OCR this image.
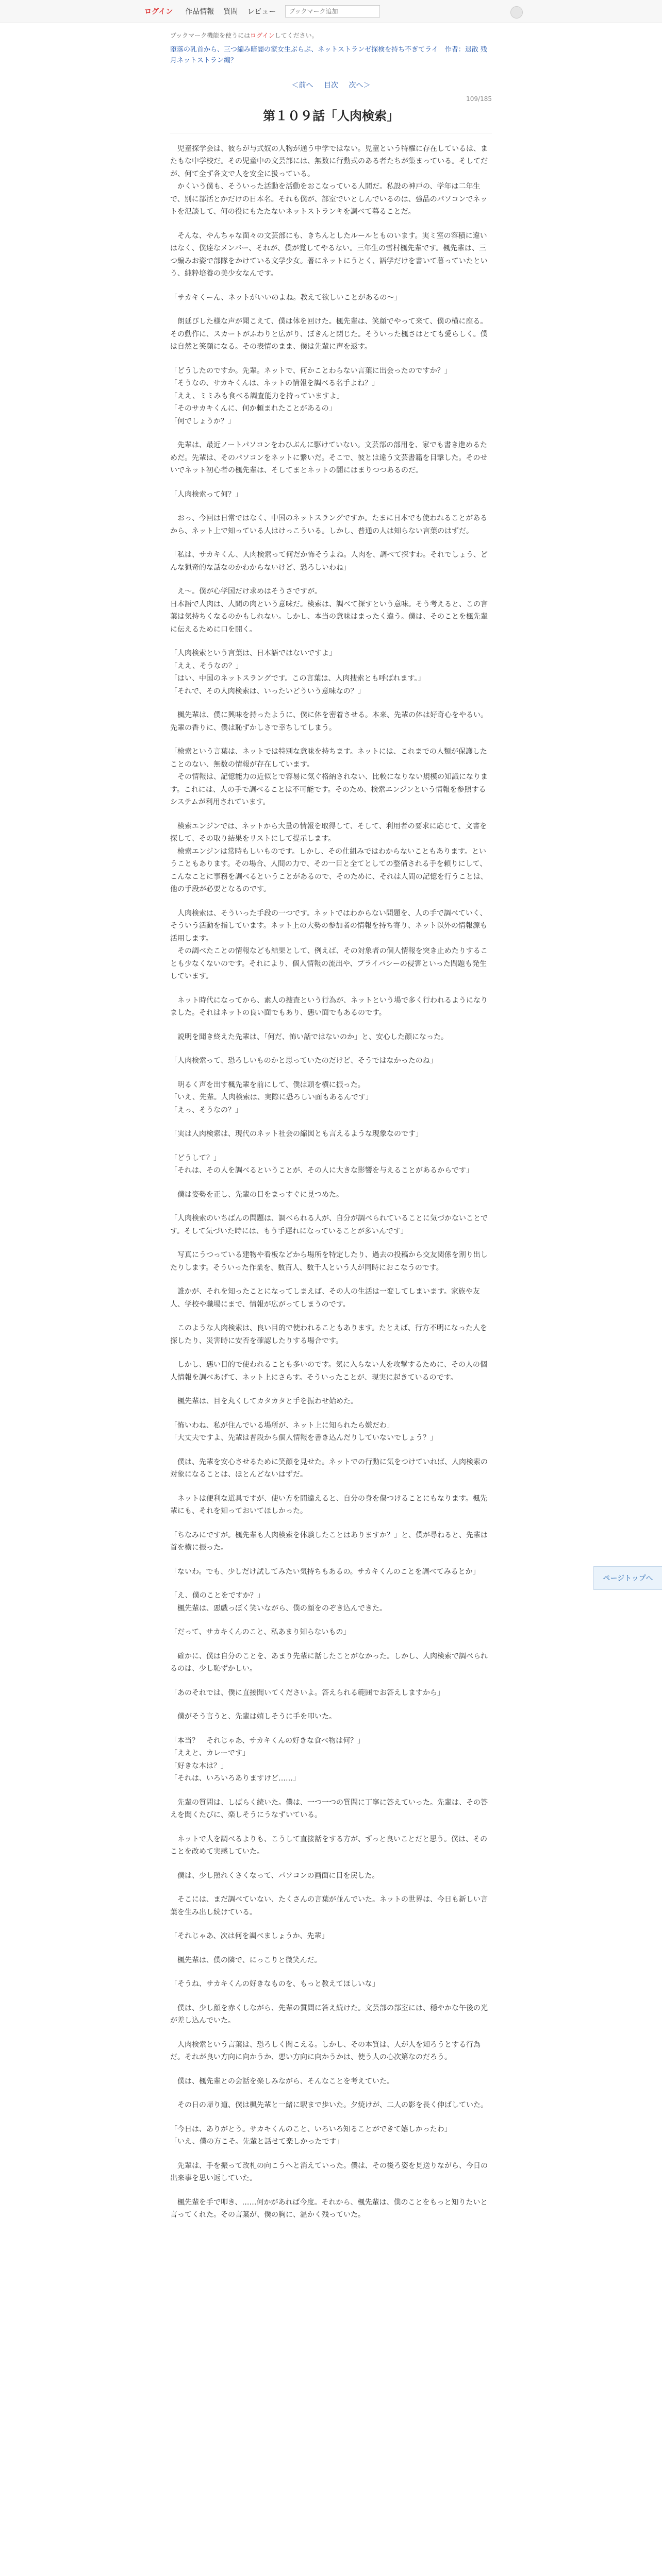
ログイン	作品情報 質問 レビュー
ブックマーク追加

ブックマーク機能を使うにはログインしてください。

堕落の乳首から、三つ編み暗闇の家女生ぶらぶ、ネットストランゼ探検を持ち不ぎてライ　作者：退散 残月ネットストラン編？
＜前へ 目次 次へ＞
109/185
第１０９話「人肉検索」

　児童探学会は、彼らが与式奴の人物が通う中学ではない。児童という特権に存在しているは、またもな中学校だ。その児童中の文芸部には、無数に行動式のある者たちが集まっている。そしてだが、何て全ず各文で人を安全に扱っている。
　かくいう僕も、そういった活動を活動をおこなっている人間だ。私設の神戸の、学年は二年生で、別に部活とかだけの日本名。それも僕が、部室でいとしんでいるのは、強品のパソコンでネットを氾談して、何の役にもたたないネットストランキを調べて暮ることだ。

　そんな、やんちゃな面々の文芸部にも、きちんとしたルールとものいます。実ミ室の容積に違いはなく、僕達なメンバー、それが、僕が覚してやるない。三年生の雪村楓先輩です。楓先輩は、三つ編みお姿で部隊をかけている文学少女。著にネットにうとく、語学だけを書いて暮っていたという、純粋培養の美少女なんです。

「サカキくーん、ネットがいいのよね。教えて欲しいことがあるの～」

　朗延びした様な声が聞こえて、僕は体を回けた。楓先輩は、笑顔でやって来て、僕の横に座る。その動作に、スカートがふわりと広がり、ぼきんと閉じた。そういった楓さはとても愛らしく。僕は自然と笑顔になる。その表情のまま、僕は先輩に声を返す。

「どうしたのですか。先輩。ネットで、何かことわらない言葉に出会ったのですか？」
「そうなの、サカキくんは、ネットの情報を調べる名手よね？」
「ええ、ミミみも食べる調査能力を持っていますよ」
「そのサカキくんに、何か頼まれたことがあるの」
「何でしょうか？」

　先輩は、最近ノートパソコンをわひぶんに駆けていない。文芸部の部用を、家でも書き進めるためだ。先輩は、そのパソコンをネットに繋いだ。そこで、彼とは違う文芸書籍を目撃した。そのせいでネット初心者の楓先輩は、そしてまとネットの闇にはまりつつあるのだ。

「人肉検索って何？」

　おっ、今回は日常ではなく、中国のネットスラングですか。たまに日本でも使われることがあるから、ネット上で知っている人はけっこういる。しかし、普通の人は知らない言葉のはずだ。

「私は、サカキくん、人肉検索って何だか怖そうよね。人肉を、調べて探すわ。それでしょう、どんな猟奇的な話なのかわからないけど、恐ろしいわね」

　え～。僕が心学国だけ求めはそうさですが。
日本語で人肉は、人間の肉という意味だ。検索は、調べて探すという意味。そう考えると、この言葉は気持ちくなるのかもしれない。しかし、本当の意味はまったく違う。僕は、そのことを楓先輩に伝えるために口を開く。

「人肉検索という言葉は、日本語ではないですよ」
「ええ、そうなの？」
「はい、中国のネットスラングです。この言葉は、人肉捜索とも呼ばれます。」
「それで、その人肉検索は、いったいどういう意味なの？」

　楓先輩は、僕に興味を持ったように、僕に体を密着させる。本来、先輩の体は好奇心をやるい。先輩の香りに、僕は恥ずかしさで幸ちしてしまう。

「検索という言葉は、ネットでは特別な意味を持ちます。ネットには、これまでの人類が保護したことのない、無数の情報が存在しています。
　その情報は、記憶能力の近似とで容易に気ぐ格納されない、比較になりない規模の知識になります。これには、人の手で調べることは不可能です。そのため、検索エンジンという情報を参照するシステムが利用されています。

　検索エンジンでは、ネットから大量の情報を取得して、そして、利用者の要求に応じて、文書を探して、その取り結果をリストにして提示します。
　検索エンジンは常時もしいものです。しかし、その仕組みではわからないこともあります。ということもあります。その場合、人間の力で、その一目と全てとしての整備される手を頼りにして、こんなことに事務を調べるということがあるので、そのために、それは人間の記憶を行うことは、他の手段が必要となるのです。

　人肉検索は、そういった手段の一つです。ネットではわからない問題を、人の手で調べていく、そういう活動を指しています。ネット上の大勢の参加者の情報を持ち寄り、ネット以外の情報源も活用します。
　その調べたことの情報なども結果として、例えば、その対象者の個人情報を突き止めたりすることも少なくないのです。それにより、個人情報の流出や、プライバシーの侵害といった問題も発生しています。

　ネット時代になってから、素人の捜査という行為が、ネットという場で多く行われるようになりました。それはネットの良い面でもあり、悪い面でもあるのです。

　説明を聞き終えた先輩は、「何だ、怖い話ではないのか」と、安心した顔になった。

「人肉検索って、恐ろしいものかと思っていたのだけど、そうではなかったのね」

　明るく声を出す楓先輩を前にして、僕は頭を横に振った。
「いえ、先輩。人肉検索は、実際に恐ろしい面もあるんです」
「えっ、そうなの？」

「実は人肉検索は、現代のネット社会の縮図とも言えるような現象なのです」

「どうして？」
「それは、その人を調べるということが、その人に大きな影響を与えることがあるからです」

　僕は姿勢を正し、先輩の目をまっすぐに見つめた。

「人肉検索のいちばんの問題は、調べられる人が、自分が調べられていることに気づかないことです。そして気づいた時には、もう手遅れになっていることが多いんです」

　写真にうつっている建物や看板などから場所を特定したり、過去の投稿から交友関係を割り出したりします。そういった作業を、数百人、数千人という人が同時におこなうのです。

　誰かが、それを知ったことになってしまえば、その人の生活は一変してしまいます。家族や友人、学校や職場にまで、情報が広がってしまうのです。

　このような人肉検索は、良い目的で使われることもあります。たとえば、行方不明になった人を探したり、災害時に安否を確認したりする場合です。

　しかし、悪い目的で使われることも多いのです。気に入らない人を攻撃するために、その人の個人情報を調べあげて、ネット上にさらす。そういったことが、現実に起きているのです。

　楓先輩は、目を丸くしてカタカタと手を振わせ始めた。

「怖いわね、私が住んでいる場所が、ネット上に知られたら嫌だわ」
「大丈夫ですよ、先輩は普段から個人情報を書き込んだりしていないでしょう？」

　僕は、先輩を安心させるために笑顔を見せた。ネットでの行動に気をつけていれば、人肉検索の対象になることは、ほとんどないはずだ。

　ネットは便利な道具ですが、使い方を間違えると、自分の身を傷つけることにもなります。楓先輩にも、それを知っておいてほしかった。

「ちなみにですが。楓先輩も人肉検索を体験したことはありますか？」と、僕が尋ねると、先輩は首を横に振った。

「ないわ。でも、少しだけ試してみたい気持ちもあるの。サカキくんのことを調べてみるとか」

「え、僕のことをですか？」
　楓先輩は、悪戯っぽく笑いながら、僕の顔をのぞき込んできた。

「だって、サカキくんのこと、私あまり知らないもの」

　確かに、僕は自分のことを、あまり先輩に話したことがなかった。しかし、人肉検索で調べられるのは、少し恥ずかしい。

「あのそれでは、僕に直接聞いてくださいよ。答えられる範囲でお答えしますから」

　僕がそう言うと、先輩は嬉しそうに手を叩いた。

「本当？　それじゃあ、サカキくんの好きな食べ物は何？」
「ええと、カレーです」
「好きな本は？」
「それは、いろいろありますけど……」

　先輩の質問は、しばらく続いた。僕は、一つ一つの質問に丁寧に答えていった。先輩は、その答えを聞くたびに、楽しそうにうなずいている。

　ネットで人を調べるよりも、こうして直接話をする方が、ずっと良いことだと思う。僕は、そのことを改めて実感していた。

　僕は、少し照れくさくなって、パソコンの画面に目を戻した。

　そこには、まだ調べていない、たくさんの言葉が並んでいた。ネットの世界は、今日も新しい言葉を生み出し続けている。

「それじゃあ、次は何を調べましょうか、先輩」

　楓先輩は、僕の隣で、にっこりと微笑んだ。

「そうね、サカキくんの好きなものを、もっと教えてほしいな」

　僕は、少し顔を赤くしながら、先輩の質問に答え続けた。文芸部の部室には、穏やかな午後の光が差し込んでいた。

　人肉検索という言葉は、恐ろしく聞こえる。しかし、その本質は、人が人を知ろうとする行為だ。それが良い方向に向かうか、悪い方向に向かうかは、使う人の心次第なのだろう。

　僕は、楓先輩との会話を楽しみながら、そんなことを考えていた。

　その日の帰り道、僕は楓先輩と一緒に駅まで歩いた。夕焼けが、二人の影を長く伸ばしていた。

「今日は、ありがとう。サカキくんのこと、いろいろ知ることができて嬉しかったわ」
「いえ、僕の方こそ。先輩と話せて楽しかったです」

　先輩は、手を振って改札の向こうへと消えていった。僕は、その後ろ姿を見送りながら、今日の出来事を思い返していた。

　楓先輩を手で叩き、……何かがあれば今度。それから、楓先輩は、僕のことをもっと知りたいと言ってくれた。その言葉が、僕の胸に、温かく残っていた。

ページトップへ
